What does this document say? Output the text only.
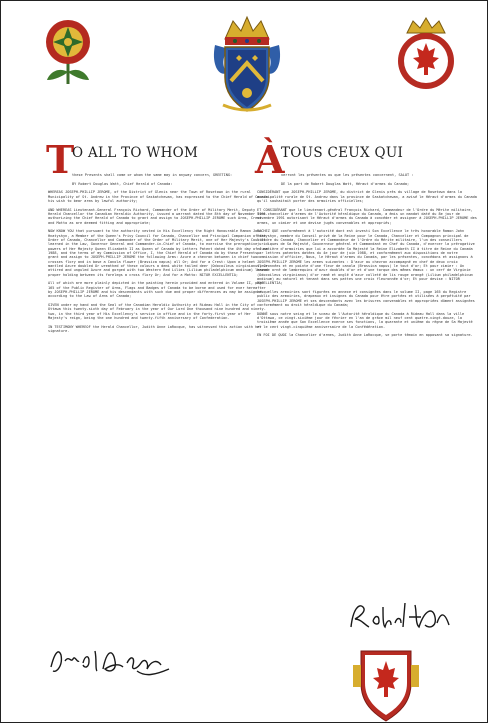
T
O ALL TO WHOM

these Presents shall come or whom the same may in anyway concern, GREETING:

BY Robert Douglas Watt, Chief Herald of Canada:

WHEREAS JOSEPH-PHILLIP JEROME, of the District of Glenis near the Town of Rosetown in the rural Municipality of St. Andrew in the Province of Saskatchewan, has expressed to the Chief Herald of Canada his wish to bear arms by lawful authority;

AND WHEREAS Lieutenant-General François Richard, Commander of the Order of Military Merit, Deputy Herald Chancellor the Canadian Heraldic Authority, issued a warrant dated the 8th day of November 1991 authorizing the Chief Herald of Canada to grant and assign to JOSEPH-PHILLIP JEROME such Arms, Crest and Motto as are deemed fitting and appropriate;

NOW KNOW YOU that pursuant to the authority vested in His Excellency the Right Honourable Ramon John Hnatyshyn, a Member of the Queen's Privy Council for Canada, Chancellor and Principal Companion of the Order of Canada, Chancellor and Commander of the Order of Military Merit, one of Her Majesty's Counsel learned in the Law, Governor General and Commander-in-Chief of Canada, to exercise the prerogative powers of Her Majesty Queen Elizabeth II as Queen of Canada by Letters Patent dated the 4th day of June 1988, and the terms of my Commission of Office, I, the Chief Herald of Canada do by these Presents grant and assign to JOSEPH-PHILLIP JEROME the following Arms: Azure a chevron between in chief two crosses flory and in base a Canola flower (Brassica napus) all Or; And for a Crest: Upon a helmet mantled Azure doubled Or wreathed of these colours a demi white tailed deer (Odocoileus virginianus) Or attired and unguled Azure and gorged with two Western Red Lilies (Lilium philadelphicum andinum) leaved proper holding between its forelegs a cross flory Or; And for a Motto: NITOR EXCELLENTIA;

All of which are more plainly depicted in the painting herein provided and entered in Volume II, page 165 of the Public Register of Arms, Flags and Badges of Canada to be borne and used for ever hereafter by JOSEPH-PHILLIP JEROME and his descendants with such due and proper differences as may be assigned according to the Law of Arms of Canada;

GIVEN under my hand and the Seal of the Canadian Heraldic Authority at Rideau Hall in the City of Ottawa this twenty-sixth day of February in the year of Our Lord One thousand nine hundred and ninety-two, in the third year of His Excellency's service in office and in the forty-first year of Her Majesty's reign, being the one hundred and twenty-fifth anniversary of Confederation.

IN TESTIMONY WHEREOF the Herald Chancellor, Judith Anne LaRocque, has witnessed this action with her signature.

À
TOUS CEUX QUI

verront les présentes ou que les présentes concernent, SALUT :

DE la part de Robert Douglas Watt, Héraut d'armes du Canada;

CONSIDÉRANT que JOSEPH-PHILLIP JEROME, du district de Glenis près du village de Rosetown dans la municipalité rurale de St. Andrew dans la province de Saskatchewan, a avisé le Héraut d'armes du Canada qu'il souhaitait porter des armoiries officielles;

ET CONSIDÉRANT que le lieutenant-général François Richard, Commandeur de l'Ordre du Mérite militaire, Vice-chancelier d'armes de l'Autorité héraldique du Canada, a émis un mandat daté du 8e jour de novembre 1991 autorisant le Héraut d'armes du Canada à concéder et assigner à JOSEPH-PHILLIP JEROME des armes, un cimier et une devise jugés convenables et appropriés;

SACHEZ QUE conformément à l'autorité dont est investi Son Excellence le très honorable Ramon John Hnatyshyn, membre du Conseil privé de la Reine pour le Canada, Chancelier et Compagnon principal de l'Ordre du Canada, Chancelier et Commandeur de l'Ordre du Mérite militaire, l'un des conseillers juridiques de Sa Majesté, Gouverneur général et Commandant en Chef du Canada, d'exercer la prérogative en matière d'armoiries que lui a accordée Sa Majesté la Reine Elizabeth II à titre de Reine du Canada par lettres patentes datées du 4e jour de juin 1988, et conformément aux dispositions de notre commission d'officier, Nous, le Héraut d'armes du Canada, par les présentes, concédons et assignons à JOSEPH-PHILLIP JEROME les armes suivantes : D'azur au chevron accompagné en chef de deux croix fleuronnées et en pointe d'une fleur de canola (Brassica napus) le tout d'or; Et pour cimier : Un heaume orné de lambrequins d'azur doublés d'or et d'une torque des mêmes émaux : un cerf de Virginie (Odocoileus virginianus) d'or ramé et onglé d'azur colleté de lis rouge orangé (Lilium philadelphicum andinum) au naturel et tenant dans ses pattes une croix fleuronnée d'or; Et pour devise : NITOR EXCELLENTIA;

Lesquelles armoiries sont figurées en annexe et consignées dans le volume II, page 165 du Registre public des armoiries, drapeaux et insignes du Canada pour être portées et utilisées à perpétuité par JOSEPH-PHILLIP JEROME et ses descendants avec les brisures convenables et appropriées dûment assignées conformément au droit héraldique du Canada;

DONNÉ sous notre seing et le sceau de l'Autorité héraldique du Canada à Rideau Hall dans la ville d'Ottawa, ce vingt-sixième jour de février en l'an de grâce mil neuf cent quatre-vingt-douze, la troisième année que Son Excellence exerce ses fonctions, la quarante et unième du règne de Sa Majesté et le cent vingt-cinquième anniversaire de la Confédération.

EN FOI DE QUOI la Chancelier d'armes, Judith Anne LaRocque, se porte témoin en apposant sa signature.
